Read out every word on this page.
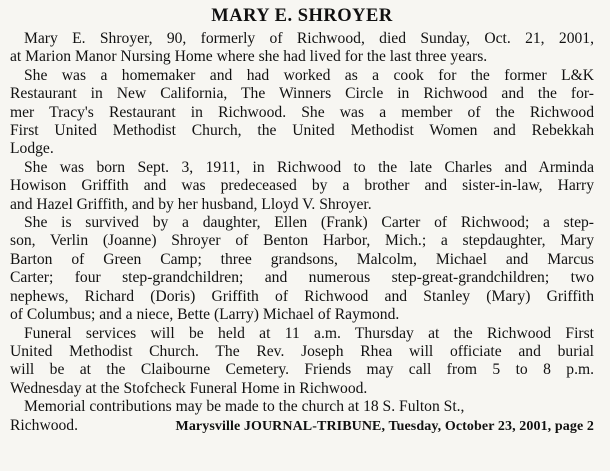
MARY E. SHROYER
Mary E. Shroyer, 90, formerly of Richwood, died Sunday, Oct. 21, 2001,
at Marion Manor Nursing Home where she had lived for the last three years.
She was a homemaker and had worked as a cook for the former L&K
Restaurant in New California, The Winners Circle in Richwood and the for-
mer Tracy's Restaurant in Richwood. She was a member of the Richwood
First United Methodist Church, the United Methodist Women and Rebekkah
Lodge.
She was born Sept. 3, 1911, in Richwood to the late Charles and Arminda
Howison Griffith and was predeceased by a brother and sister-in-law, Harry
and Hazel Griffith, and by her husband, Lloyd V. Shroyer.
She is survived by a daughter, Ellen (Frank) Carter of Richwood; a step-
son, Verlin (Joanne) Shroyer of Benton Harbor, Mich.; a stepdaughter, Mary
Barton of Green Camp; three grandsons, Malcolm, Michael and Marcus
Carter; four step-grandchildren; and numerous step-great-grandchildren; two
nephews, Richard (Doris) Griffith of Richwood and Stanley (Mary) Griffith
of Columbus; and a niece, Bette (Larry) Michael of Raymond.
Funeral services will be held at 11 a.m. Thursday at the Richwood First
United Methodist Church. The Rev. Joseph Rhea will officiate and burial
will be at the Claibourne Cemetery. Friends may call from 5 to 8 p.m.
Wednesday at the Stofcheck Funeral Home in Richwood.
Memorial contributions may be made to the church at 18 S. Fulton St.,
Richwood.	Marysville JOURNAL-TRIBUNE, Tuesday, October 23, 2001, page 2
